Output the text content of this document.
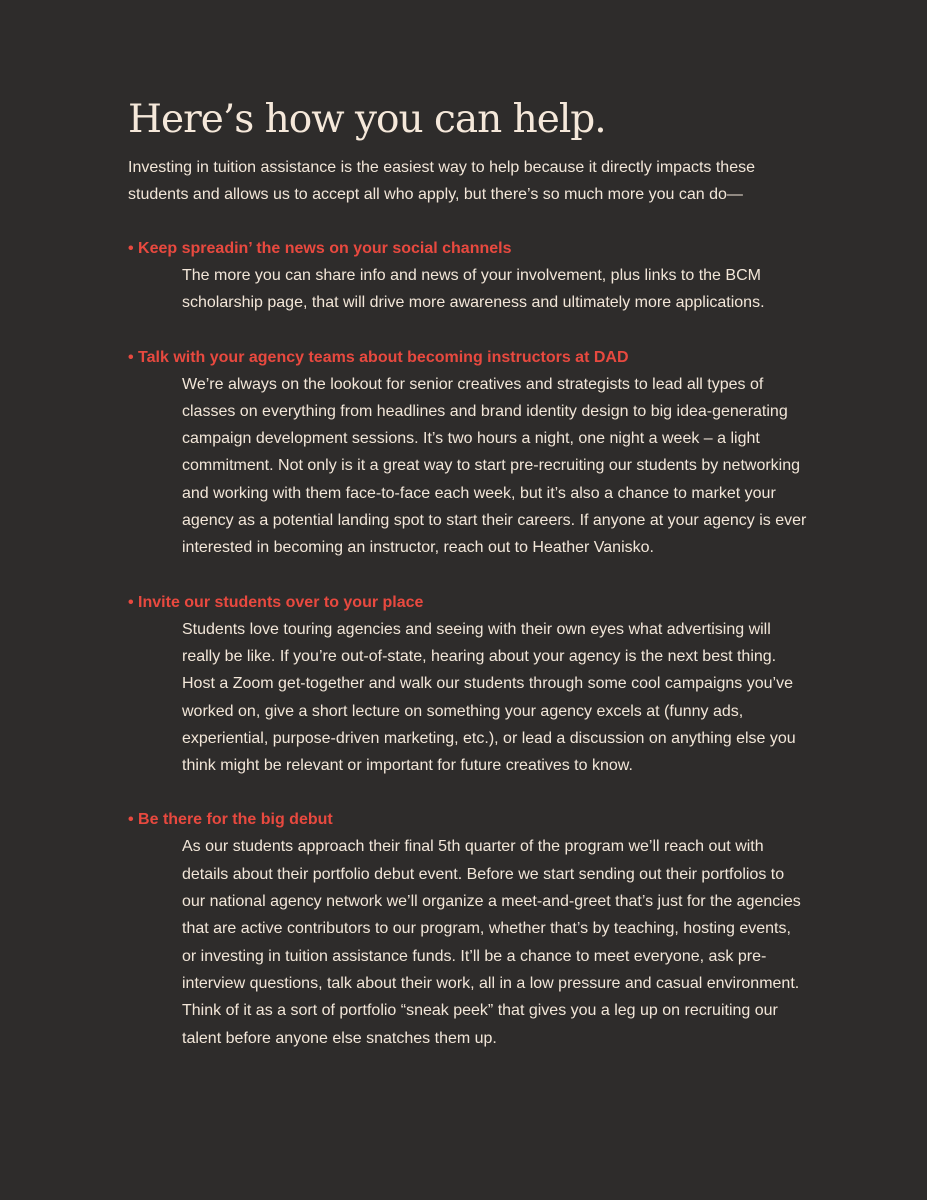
Here’s how you can help.

Investing in tuition assistance is the easiest way to help because it directly impacts these students and allows us to accept all who apply, but there’s so much more you can do—

• Keep spreadin’ the news on your social channels

The more you can share info and news of your involvement, plus links to the BCM scholarship page, that will drive more awareness and ultimately more applications.

• Talk with your agency teams about becoming instructors at DAD

We’re always on the lookout for senior creatives and strategists to lead all types of classes on everything from headlines and brand identity design to big idea-generating campaign development sessions. It’s two hours a night, one night a week – a light commitment. Not only is it a great way to start pre-recruiting our students by networking and working with them face-to-face each week, but it’s also a chance to market your agency as a potential landing spot to start their careers. If anyone at your agency is ever interested in becoming an instructor, reach out to Heather Vanisko.

• Invite our students over to your place

Students love touring agencies and seeing with their own eyes what advertising will really be like. If you’re out-of-state, hearing about your agency is the next best thing. Host a Zoom get-together and walk our students through some cool campaigns you’ve worked on, give a short lecture on something your agency excels at (funny ads, experiential, purpose-driven marketing, etc.), or lead a discussion on anything else you think might be relevant or important for future creatives to know.

• Be there for the big debut

As our students approach their final 5th quarter of the program we’ll reach out with details about their portfolio debut event. Before we start sending out their portfolios to our national agency network we’ll organize a meet-and-greet that’s just for the agencies that are active contributors to our program, whether that’s by teaching, hosting events, or investing in tuition assistance funds. It’ll be a chance to meet everyone, ask pre-interview questions, talk about their work, all in a low pressure and casual environment. Think of it as a sort of portfolio “sneak peek” that gives you a leg up on recruiting our talent before anyone else snatches them up.
